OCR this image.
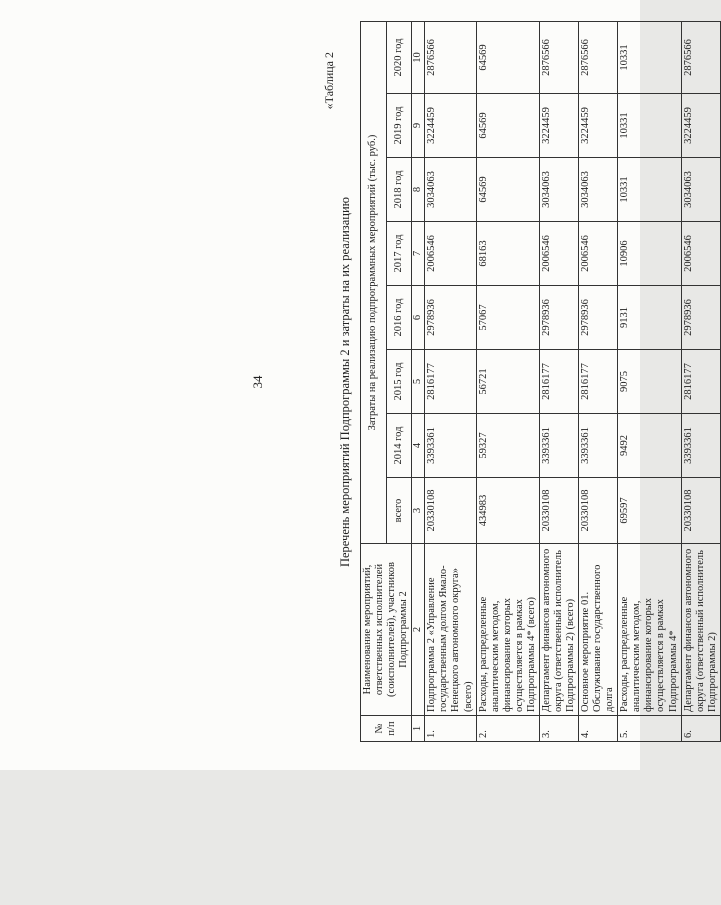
34
«Таблица 2
Перечень мероприятий Подпрограммы 2 и затраты на их реализацию
№ п/п	Наименование мероприятий, ответственных исполнителей (соисполнителей), участников Подпрограммы 2	Затраты на реализацию подпрограммных мероприятий (тыс. руб.)							
		всего	2014 год	2015 год	2016 год	2017 год	2018 год	2019 год	2020 год
1	2	3	4	5	6	7	8	9	10
1.	Подпрограмма 2 «Управление государственным долгом Ямало-Ненецкого автономного округа» (всего)	20330108	3393361	2816177	2978936	2006546	3034063	3224459	2876566
2.	Расходы, распределенные аналитическим методом, финансирование которых осуществляется в рамках Подпрограммы 4* (всего)	434983	59327	56721	57067	68163	64569	64569	64569
3.	Департамент финансов автономного округа (ответственный исполнитель Подпрограммы 2) (всего)	20330108	3393361	2816177	2978936	2006546	3034063	3224459	2876566
4.	Основное мероприятие 01. Обслуживание государственного долга	20330108	3393361	2816177	2978936	2006546	3034063	3224459	2876566
5.	Расходы, распределенные аналитическим методом, финансирование которых осуществляется в рамках Подпрограммы 4*	69597	9492	9075	9131	10906	10331	10331	10331
6.	Департамент финансов автономного округа (ответственный исполнитель Подпрограммы 2)	20330108	3393361	2816177	2978936	2006546	3034063	3224459	2876566
